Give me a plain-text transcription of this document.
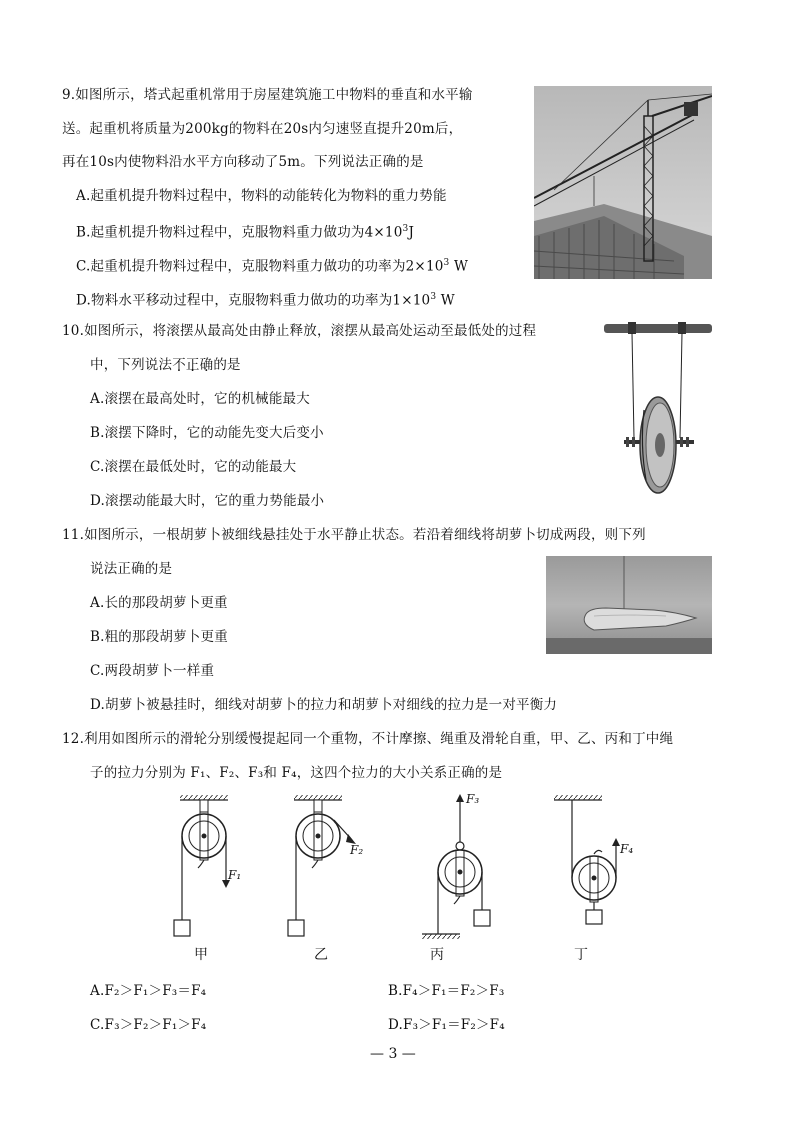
9.如图所示，塔式起重机常用于房屋建筑施工中物料的垂直和水平输
送。起重机将质量为200kg的物料在20s内匀速竖直提升20m后，
再在10s内使物料沿水平方向移动了5m。下列说法正确的是
A.起重机提升物料过程中，物料的动能转化为物料的重力势能
B.起重机提升物料过程中，克服物料重力做功为$4\times 10^3J$
C.起重机提升物料过程中，克服物料重力做功的功率为$2\times 10^3$ W
D.物料水平移动过程中，克服物料重力做功的功率为$1\times 10^3$ W
10.如图所示，将滚摆从最高处由静止释放，滚摆从最高处运动至最低处的过程
中，下列说法不正确的是
A.滚摆在最高处时，它的机械能最大
B.滚摆下降时，它的动能先变大后变小
C.滚摆在最低处时，它的动能最大
D.滚摆动能最大时，它的重力势能最小
11.如图所示，一根胡萝卜被细线悬挂处于水平静止状态。若沿着细线将胡萝卜切成两段，则下列
说法正确的是
A.长的那段胡萝卜更重
B.粗的那段胡萝卜更重
C.两段胡萝卜一样重
D.胡萝卜被悬挂时，细线对胡萝卜的拉力和胡萝卜对细线的拉力是一对平衡力
12.利用如图所示的滑轮分别缓慢提起同一个重物，不计摩擦、绳重及滑轮自重，甲、乙、丙和丁中绳
子的拉力分别为 F₁、F₂、F₃和 F₄，这四个拉力的大小关系正确的是
F₁
F₂
F₃
F₄
甲	乙	丙	丁
A.F₂＞F₁＞F₃＝F₄	B.F₄＞F₁＝F₂＞F₃
C.F₃＞F₂＞F₁＞F₄	D.F₃＞F₁＝F₂＞F₄
— 3 —
